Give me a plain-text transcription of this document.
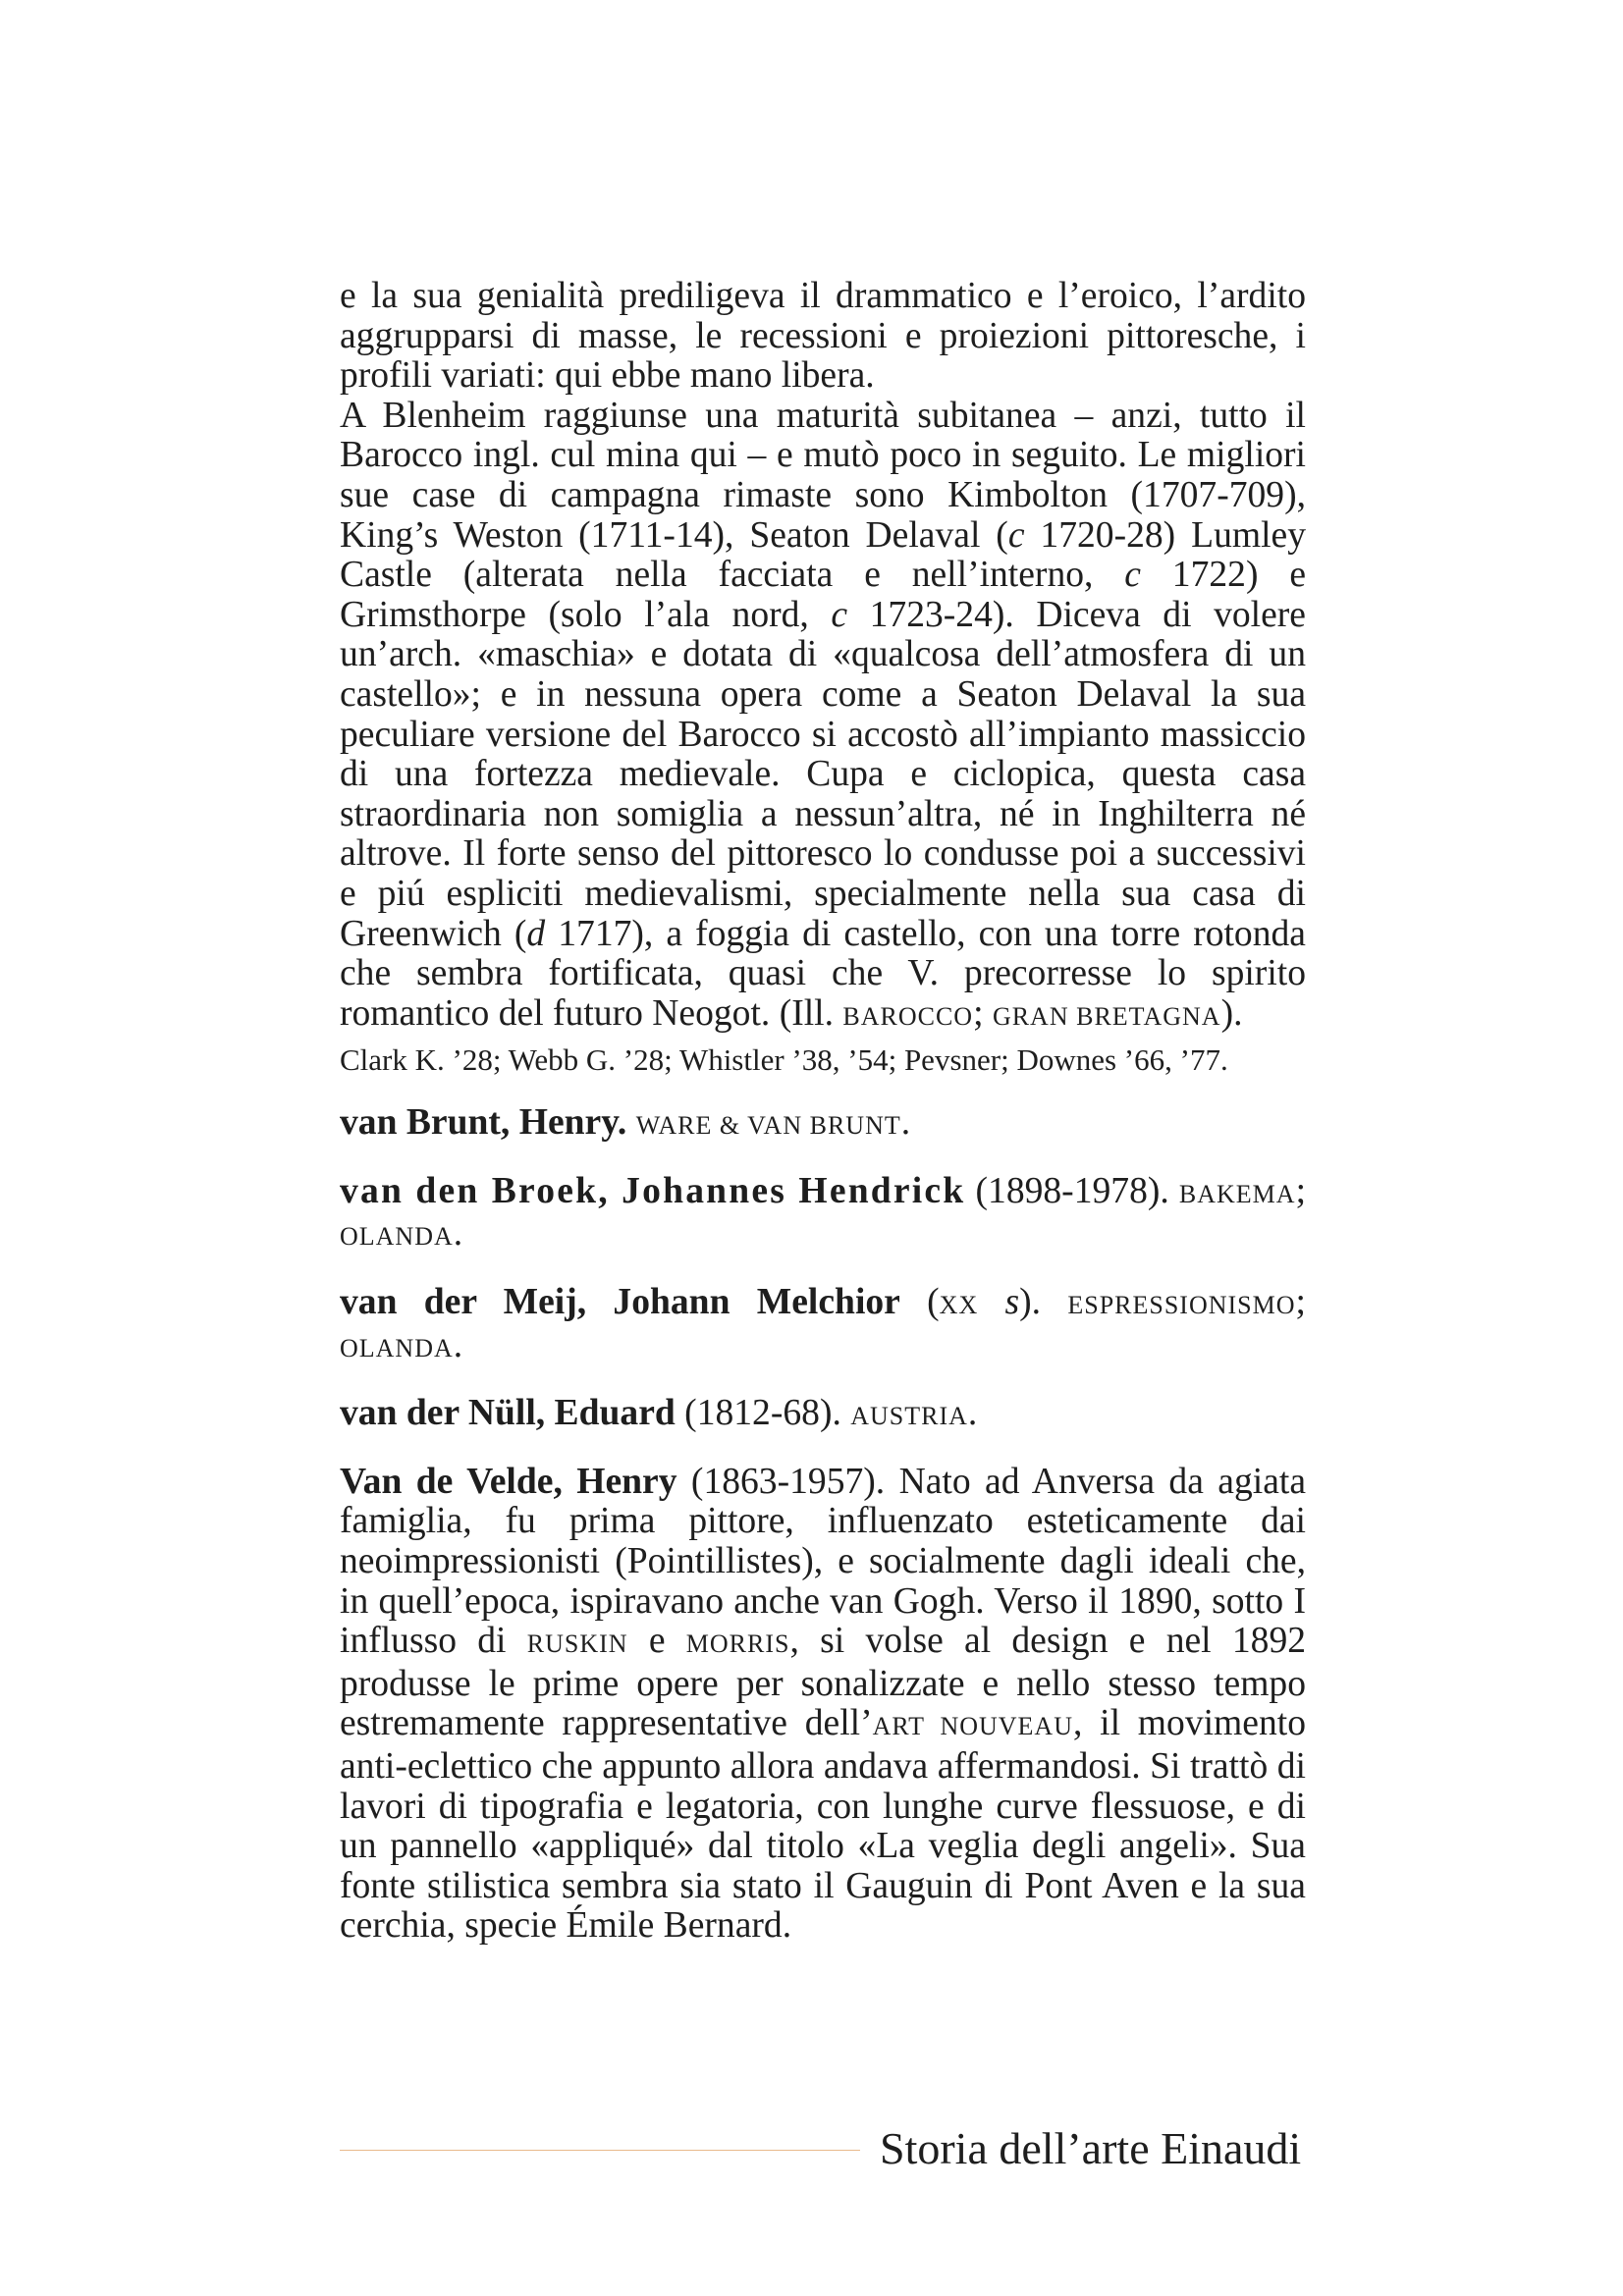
e la sua genialità prediligeva il drammatico e l’eroico, l’ardito aggrupparsi di masse, le recessioni e proiezioni pittoresche, i profili variati: qui ebbe mano libera.

A Blenheim raggiunse una maturità subitanea – anzi, tutto il Barocco ingl. cul mina qui – e mutò poco in seguito. Le migliori sue case di campagna rimaste sono Kimbolton (1707-709), King’s Weston (1711-14), Seaton Delaval (c 1720-28) Lumley Castle (alterata nella facciata e nell’interno, c 1722) e Grimsthorpe (solo l’ala nord, c 1723-24). Diceva di volere un’arch. «maschia» e dotata di «qualcosa dell’atmosfera di un castello»; e in nessuna opera come a Seaton Delaval la sua peculiare versione del Barocco si accostò all’impianto massiccio di una fortezza medievale. Cupa e ciclopica, questa casa straordinaria non somiglia a nessun’altra, né in Inghilterra né altrove. Il forte senso del pittoresco lo condusse poi a successivi e piú espliciti medievalismi, specialmente nella sua casa di Greenwich (d 1717), a foggia di castello, con una torre rotonda che sembra fortificata, quasi che V. precorresse lo spirito romantico del futuro Neogot. (Ill. BAROCCO; GRAN BRETAGNA).

Clark K. ’28; Webb G. ’28; Whistler ’38, ’54; Pevsner; Downes ’66, ’77.

van Brunt, Henry. WARE & VAN BRUNT.

van den Broek, Johannes Hendrick (1898-1978). BAKEMA; OLANDA.

van der Meij, Johann Melchior (XX s). ESPRESSIONISMO; OLANDA.

van der Nüll, Eduard (1812-68). AUSTRIA.

Van de Velde, Henry (1863-1957). Nato ad Anversa da agiata famiglia, fu prima pittore, influenzato esteticamente dai neoimpressionisti (Pointillistes), e socialmente dagli ideali che, in quell’epoca, ispiravano anche van Gogh. Verso il 1890, sotto I influsso di RUSKIN e MORRIS, si volse al design e nel 1892 produsse le prime opere per sonalizzate e nello stesso tempo estremamente rappresentative dell’ART NOUVEAU, il movimento anti-eclettico che appunto allora andava affermandosi. Si trattò di lavori di tipografia e legatoria, con lunghe curve flessuose, e di un pannello «appliqué» dal titolo «La veglia degli angeli». Sua fonte stilistica sembra sia stato il Gauguin di Pont Aven e la sua cerchia, specie Émile Bernard.

Storia dell’arte Einaudi
